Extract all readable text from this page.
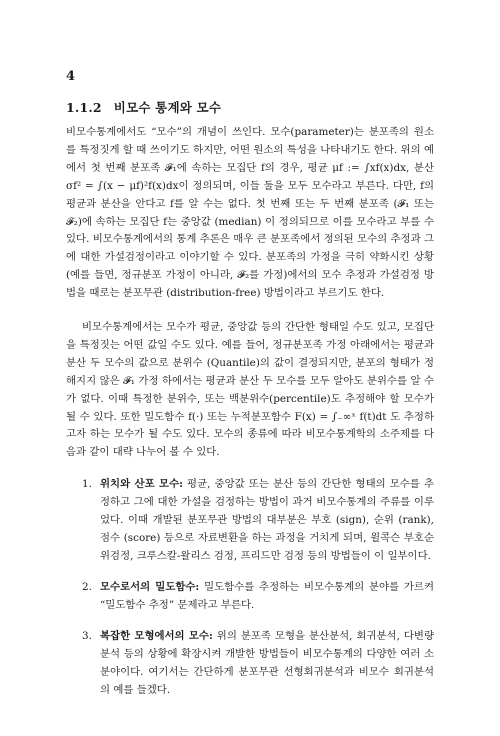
4
1.1.2 비모수 통계와 모수
비모수통계에서도 “모수”의 개념이 쓰인다. 모수(parameter)는 분포족의 원소를 특정짓게 할 때 쓰이기도 하지만, 어떤 원소의 특성을 나타내기도 한다. 위의 예에서 첫 번째 분포족 𝓕₁에 속하는 모집단 f의 경우, 평균 μf := ∫xf(x)dx, 분산 σf² = ∫(x − μf)²f(x)dx이 정의되며, 이들 둘을 모두 모수라고 부른다. 다만, f의 평균과 분산을 안다고 f를 알 수는 없다. 첫 번째 또는 두 번째 분포족 (𝓕₁ 또는 𝓕₂)에 속하는 모집단 f는 중앙값 (median) 이 정의되므로 이를 모수라고 부를 수 있다. 비모수통계에서의 통계 추론은 매우 큰 분포족에서 정의된 모수의 추정과 그에 대한 가설검정이라고 이야기할 수 있다. 분포족의 가정을 극히 약화시킨 상황 (예를 들면, 정규분포 가정이 아니라, 𝓕₂를 가정)에서의 모수 추정과 가설검정 방법을 때로는 분포무관 (distribution-free) 방법이라고 부르기도 한다.
비모수통계에서는 모수가 평균, 중앙값 등의 간단한 형태일 수도 있고, 모집단을 특정짓는 어떤 값일 수도 있다. 예를 들어, 정규분포족 가정 아래에서는 평균과 분산 두 모수의 값으로 분위수 (Quantile)의 값이 결정되지만, 분포의 형태가 정해지지 않은 𝓕₁ 가정 하에서는 평균과 분산 두 모수를 모두 알아도 분위수를 알 수가 없다. 이때 특정한 분위수, 또는 백분위수(percentile)도 추정해야 할 모수가 될 수 있다. 또한 밀도함수 f(·) 또는 누적분포함수 F(x) = ∫₋∞ˣ f(t)dt 도 추정하고자 하는 모수가 될 수도 있다. 모수의 종류에 따라 비모수통계학의 소주제를 다음과 같이 대략 나누어 볼 수 있다.
1. 위치와 산포 모수: 평균, 중앙값 또는 분산 등의 간단한 형태의 모수를 추정하고 그에 대한 가설을 검정하는 방법이 과거 비모수통계의 주류를 이루었다. 이때 개발된 분포무관 방법의 대부분은 부호 (sign), 순위 (rank), 점수 (score) 등으로 자료변환을 하는 과정을 거치게 되며, 윌콕슨 부호순위검정, 크루스칼-왈리스 검정, 프리드만 검정 등의 방법들이 이 일부이다.
2. 모수로서의 밀도함수: 밀도함수를 추정하는 비모수통계의 분야를 가르켜 “밀도함수 추정” 문제라고 부른다.
3. 복잡한 모형에서의 모수: 위의 분포족 모형을 분산분석, 회귀분석, 다변량분석 등의 상황에 확장시켜 개발한 방법들이 비모수통계의 다양한 여러 소분야이다. 여기서는 간단하게 분포무관 선형회귀분석과 비모수 회귀분석의 예를 들겠다.
